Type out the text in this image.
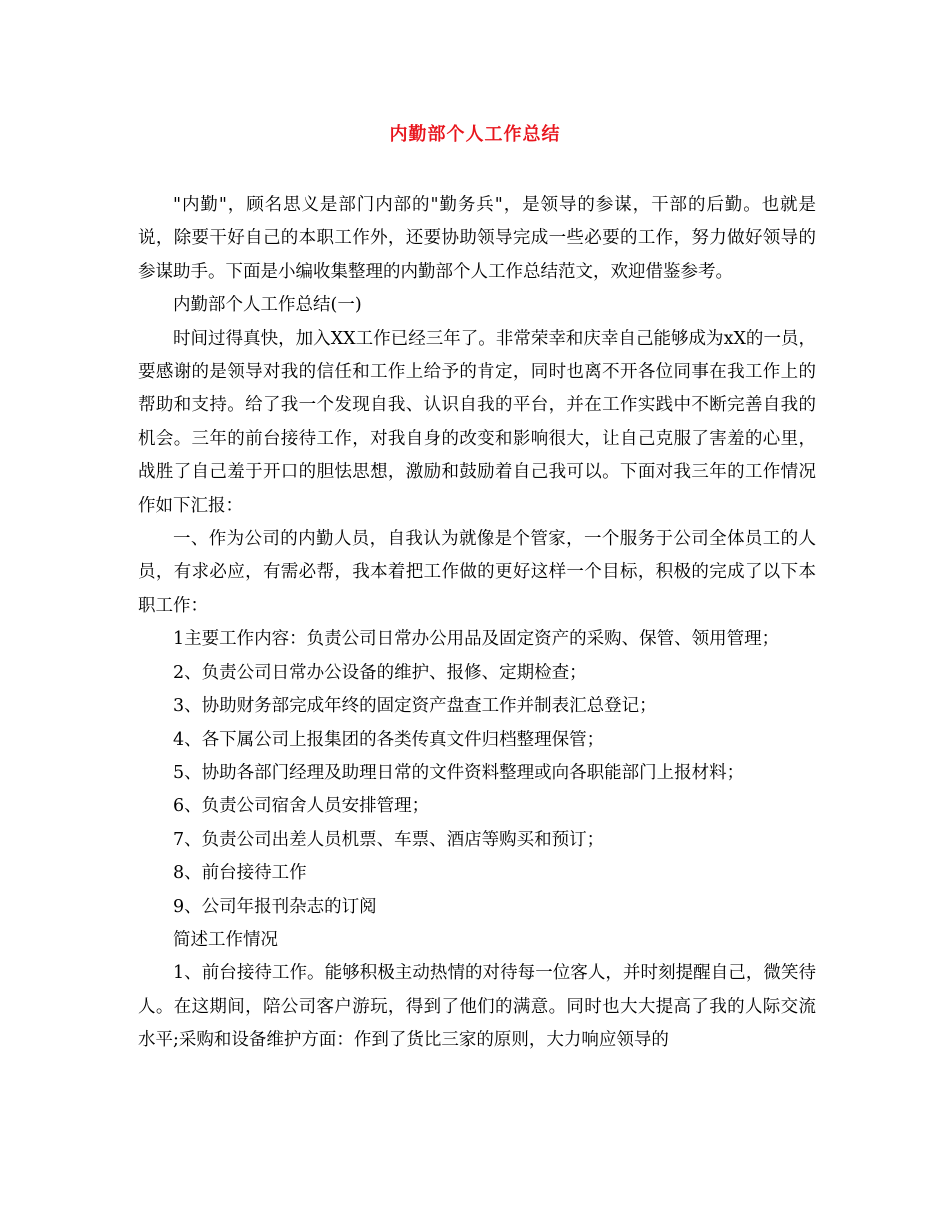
内勤部个人工作总结

"内勤"，顾名思义是部门内部的"勤务兵"，是领导的参谋，干部的后勤。也就是说，除要干好自己的本职工作外，还要协助领导完成一些必要的工作，努力做好领导的参谋助手。下面是小编收集整理的内勤部个人工作总结范文，欢迎借鉴参考。

内勤部个人工作总结(一)

时间过得真快，加入XX工作已经三年了。非常荣幸和庆幸自己能够成为xX的一员，要感谢的是领导对我的信任和工作上给予的肯定，同时也离不开各位同事在我工作上的帮助和支持。给了我一个发现自我、认识自我的平台，并在工作实践中不断完善自我的机会。三年的前台接待工作，对我自身的改变和影响很大，让自己克服了害羞的心里，战胜了自己羞于开口的胆怯思想，激励和鼓励着自己我可以。下面对我三年的工作情况作如下汇报：

一、作为公司的内勤人员，自我认为就像是个管家，一个服务于公司全体员工的人员，有求必应，有需必帮，我本着把工作做的更好这样一个目标，积极的完成了以下本职工作：

1主要工作内容：负责公司日常办公用品及固定资产的采购、保管、领用管理；

2、负责公司日常办公设备的维护、报修、定期检查；

3、协助财务部完成年终的固定资产盘查工作并制表汇总登记；

4、各下属公司上报集团的各类传真文件归档整理保管；

5、协助各部门经理及助理日常的文件资料整理或向各职能部门上报材料；

6、负责公司宿舍人员安排管理；

7、负责公司出差人员机票、车票、酒店等购买和预订；

8、前台接待工作

9、公司年报刊杂志的订阅

简述工作情况

1、前台接待工作。能够积极主动热情的对待每一位客人，并时刻提醒自己，微笑待人。在这期间，陪公司客户游玩，得到了他们的满意。同时也大大提高了我的人际交流水平;采购和设备维护方面：作到了货比三家的原则，大力响应领导的
